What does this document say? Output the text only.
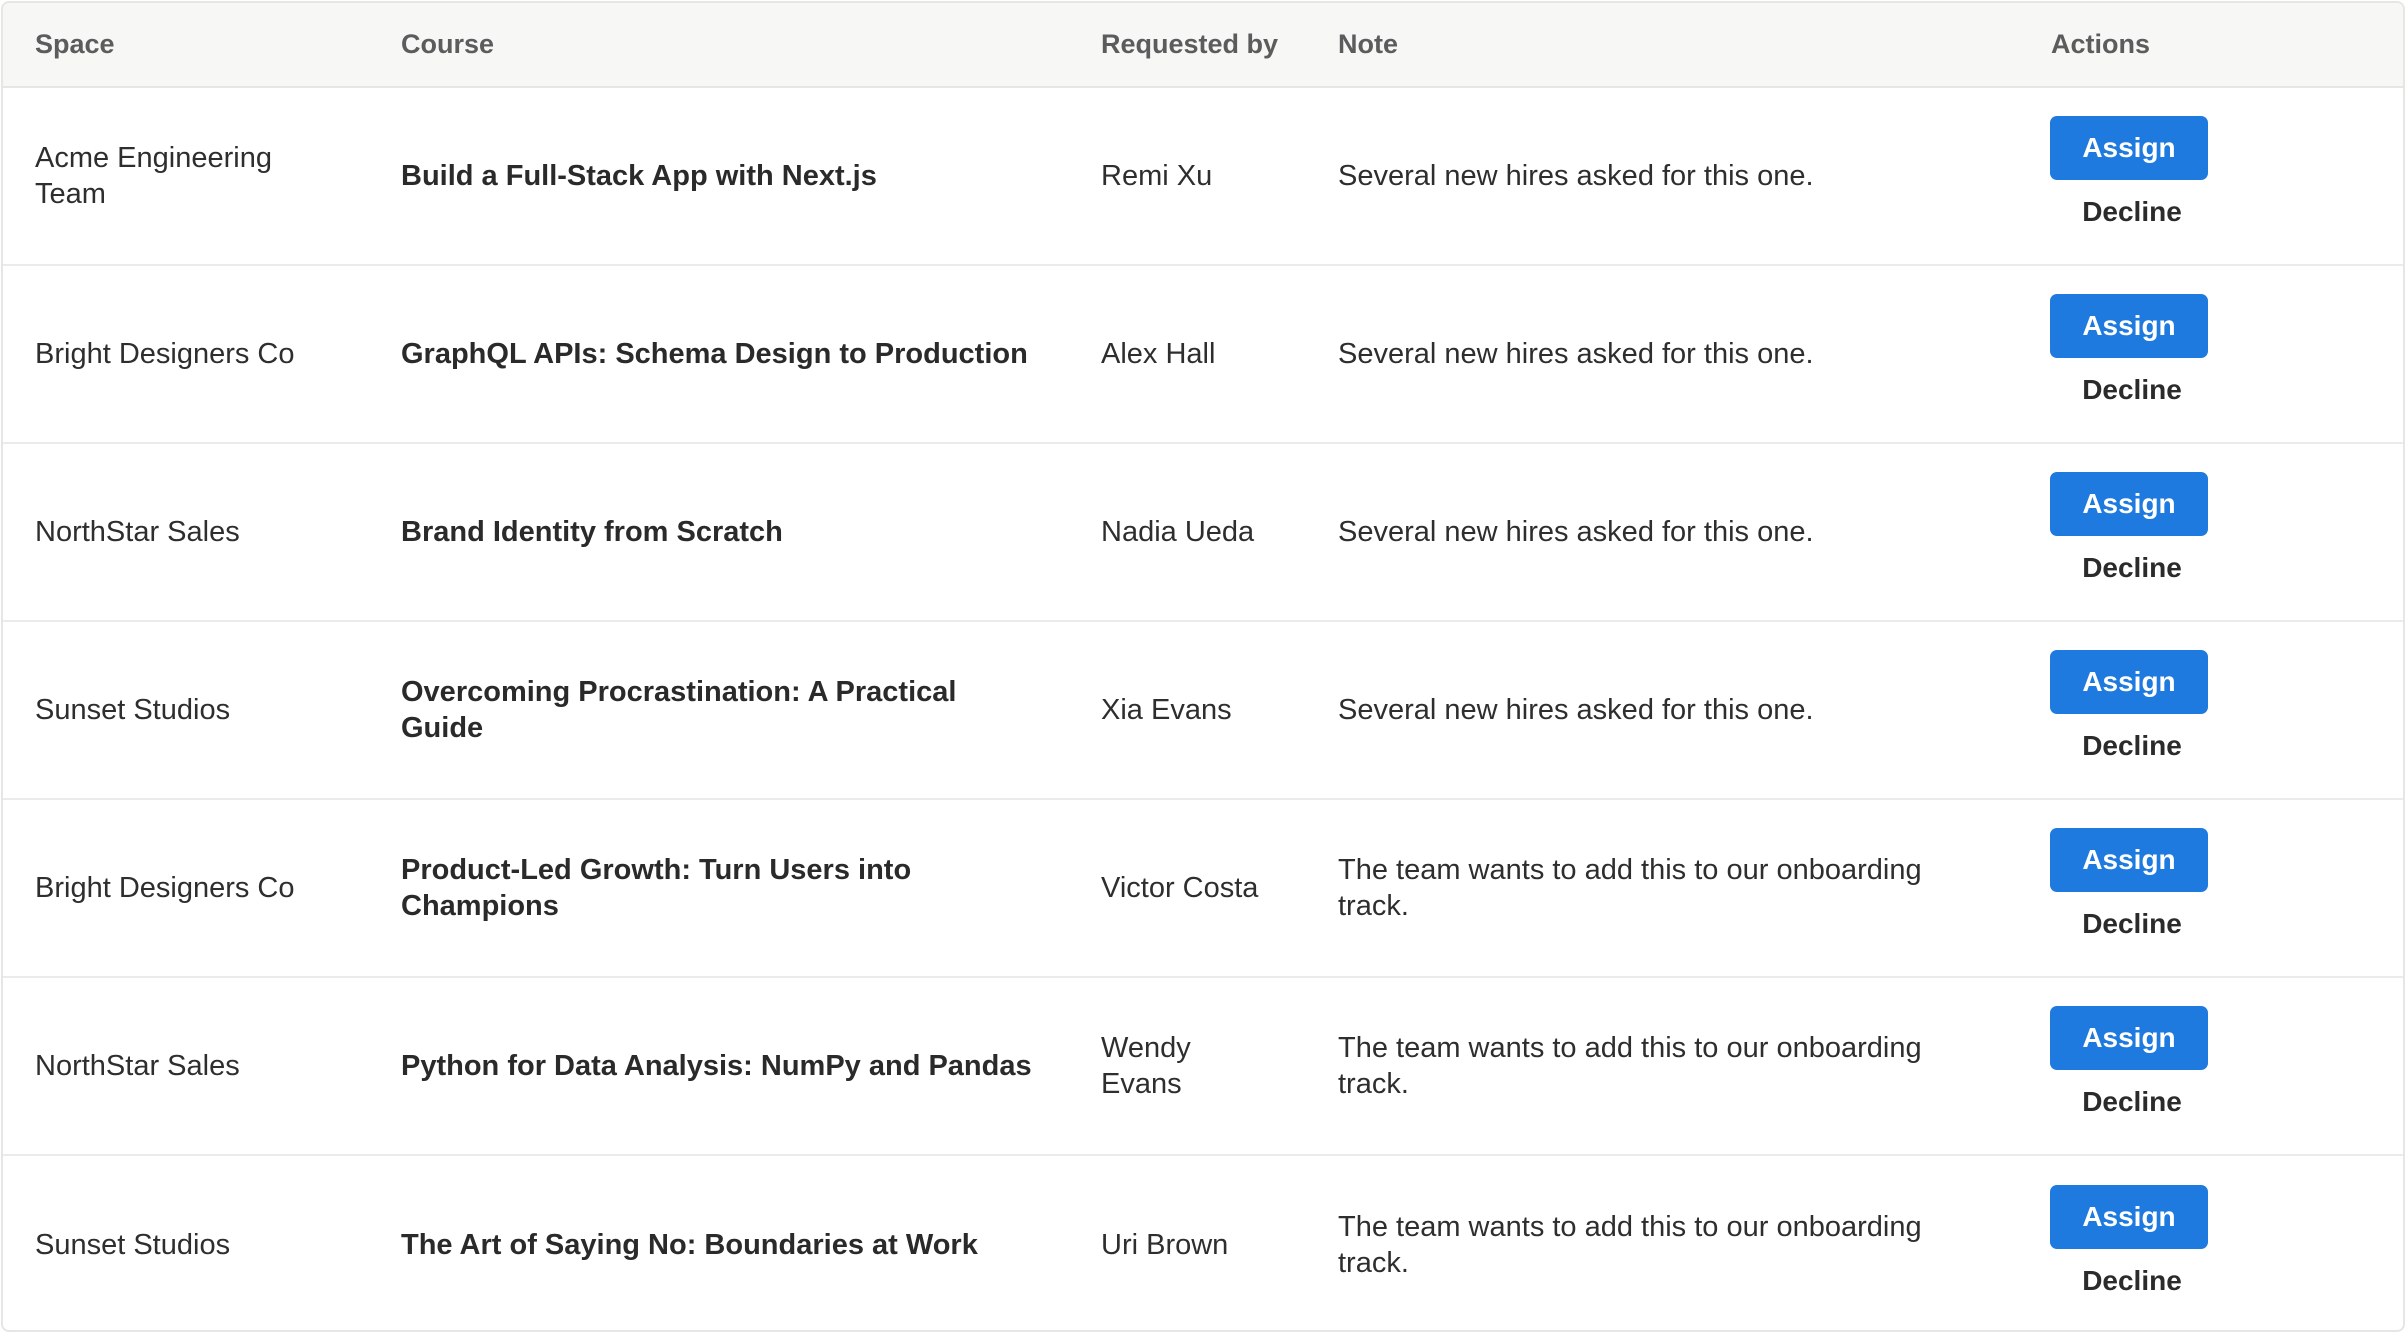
Space	Course	Requested by	Note	Actions
Acme Engineering Team	Build a Full-Stack App with Next.js	Remi Xu	Several new hires asked for this one.	Assign
Decline

Bright Designers Co	GraphQL APIs: Schema Design to Production	Alex Hall	Several new hires asked for this one.	Assign
Decline

NorthStar Sales	Brand Identity from Scratch	Nadia Ueda	Several new hires asked for this one.	Assign
Decline

Sunset Studios	Overcoming Procrastination: A Practical Guide	Xia Evans	Several new hires asked for this one.	Assign
Decline

Bright Designers Co	Product-Led Growth: Turn Users into Champions	Victor Costa	The team wants to add this to our onboarding track.	Assign
Decline

NorthStar Sales	Python for Data Analysis: NumPy and Pandas	Wendy Evans	The team wants to add this to our onboarding track.	Assign
Decline

Sunset Studios	The Art of Saying No: Boundaries at Work	Uri Brown	The team wants to add this to our onboarding track.	Assign
Decline
